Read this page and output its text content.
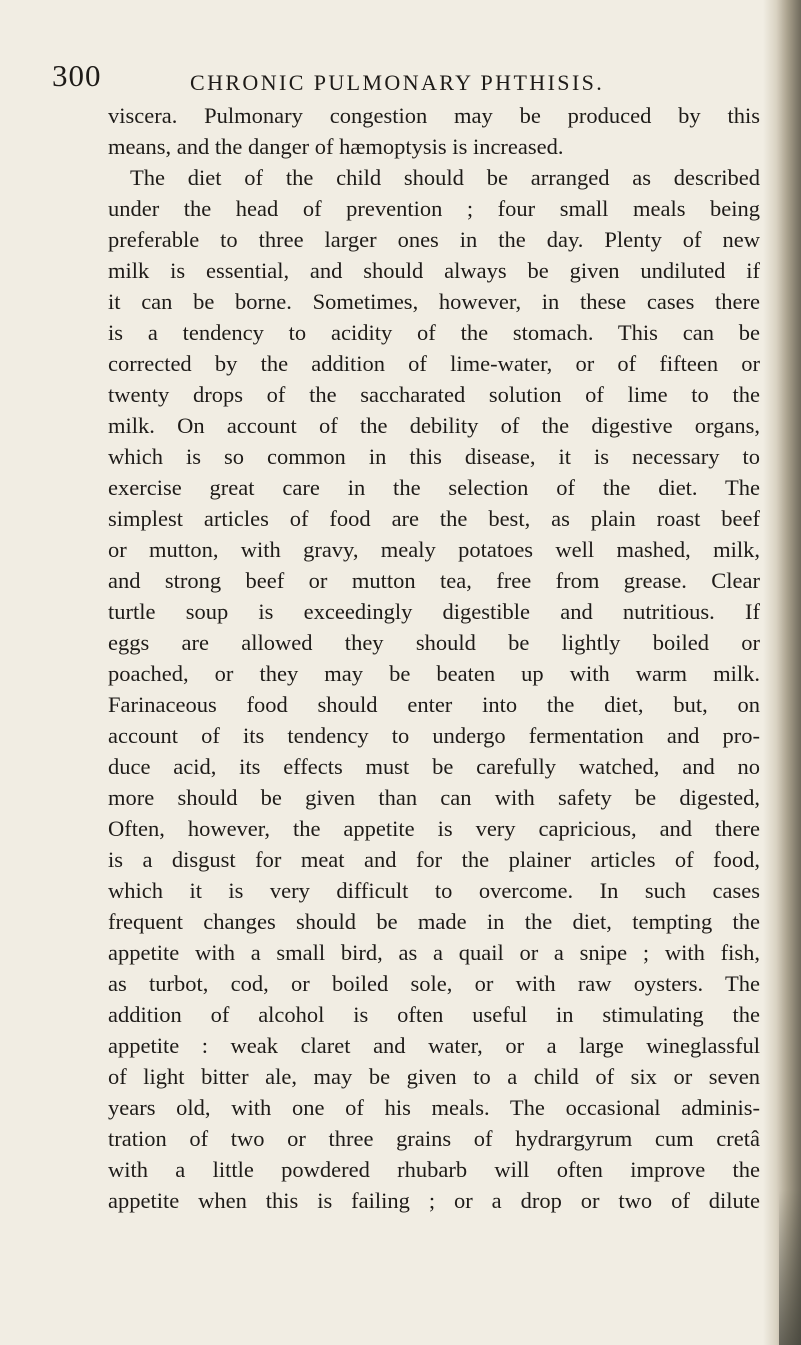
300	CHRONIC PULMONARY PHTHISIS.
viscera. Pulmonary congestion may be produced by this
means, and the danger of hæmoptysis is increased.
The diet of the child should be arranged as described
under the head of prevention ; four small meals being
preferable to three larger ones in the day. Plenty of new
milk is essential, and should always be given undiluted if
it can be borne. Sometimes, however, in these cases there
is a tendency to acidity of the stomach. This can be
corrected by the addition of lime-water, or of fifteen or
twenty drops of the saccharated solution of lime to the
milk. On account of the debility of the digestive organs,
which is so common in this disease, it is necessary to
exercise great care in the selection of the diet. The
simplest articles of food are the best, as plain roast beef
or mutton, with gravy, mealy potatoes well mashed, milk,
and strong beef or mutton tea, free from grease. Clear
turtle soup is exceedingly digestible and nutritious. If
eggs are allowed they should be lightly boiled or
poached, or they may be beaten up with warm milk.
Farinaceous food should enter into the diet, but, on
account of its tendency to undergo fermentation and pro-
duce acid, its effects must be carefully watched, and no
more should be given than can with safety be digested,
Often, however, the appetite is very capricious, and there
is a disgust for meat and for the plainer articles of food,
which it is very difficult to overcome. In such cases
frequent changes should be made in the diet, tempting the
appetite with a small bird, as a quail or a snipe ; with fish,
as turbot, cod, or boiled sole, or with raw oysters. The
addition of alcohol is often useful in stimulating the
appetite : weak claret and water, or a large wineglassful
of light bitter ale, may be given to a child of six or seven
years old, with one of his meals. The occasional adminis-
tration of two or three grains of hydrargyrum cum cretâ
with a little powdered rhubarb will often improve the
appetite when this is failing ; or a drop or two of dilute
